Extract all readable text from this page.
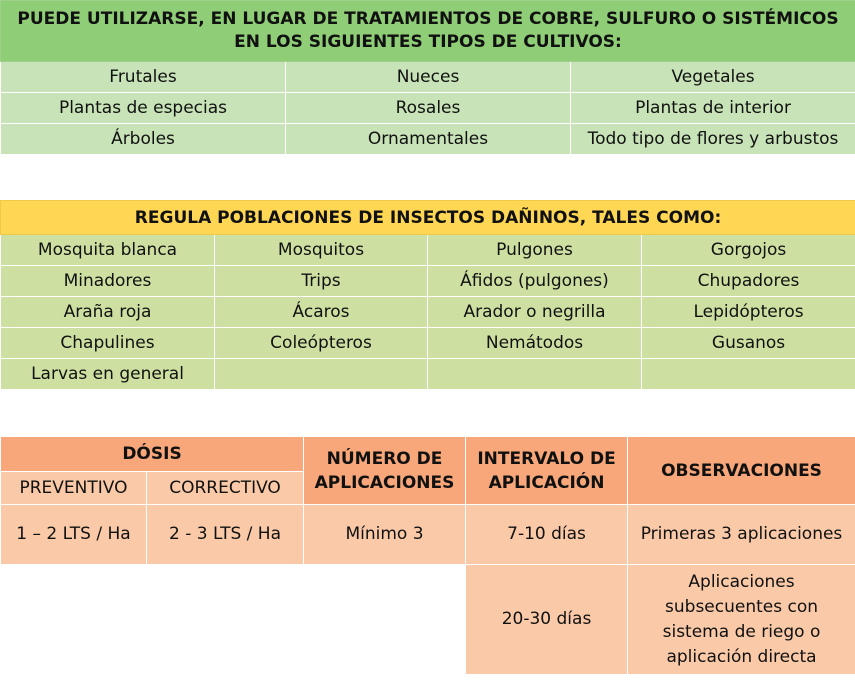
PUEDE UTILIZARSE, EN LUGAR DE TRATAMIENTOS DE COBRE, SULFURO O SISTÉMICOS EN LOS SIGUIENTES TIPOS DE CULTIVOS:		
Frutales	Nueces	Vegetales
Plantas de especias	Rosales	Plantas de interior
Árboles	Ornamentales	Todo tipo de flores y arbustos
REGULA POBLACIONES DE INSECTOS DAÑINOS, TALES COMO:			
Mosquita blanca	Mosquitos	Pulgones	Gorgojos
Minadores	Trips	Áfidos (pulgones)	Chupadores
Araña roja	Ácaros	Arador o negrilla	Lepidópteros
Chapulines	Coleópteros	Nemátodos	Gusanos
Larvas en general			
DÓSIS		NÚMERO DE APLICACIONES	INTERVALO DE APLICACIÓN	OBSERVACIONES
PREVENTIVO	CORRECTIVO			
1 – 2 LTS / Ha	2 - 3 LTS / Ha	Mínimo 3	7-10 días	Primeras 3 aplicaciones
			20-30 días	Aplicaciones subsecuentes con sistema de riego o aplicación directa
